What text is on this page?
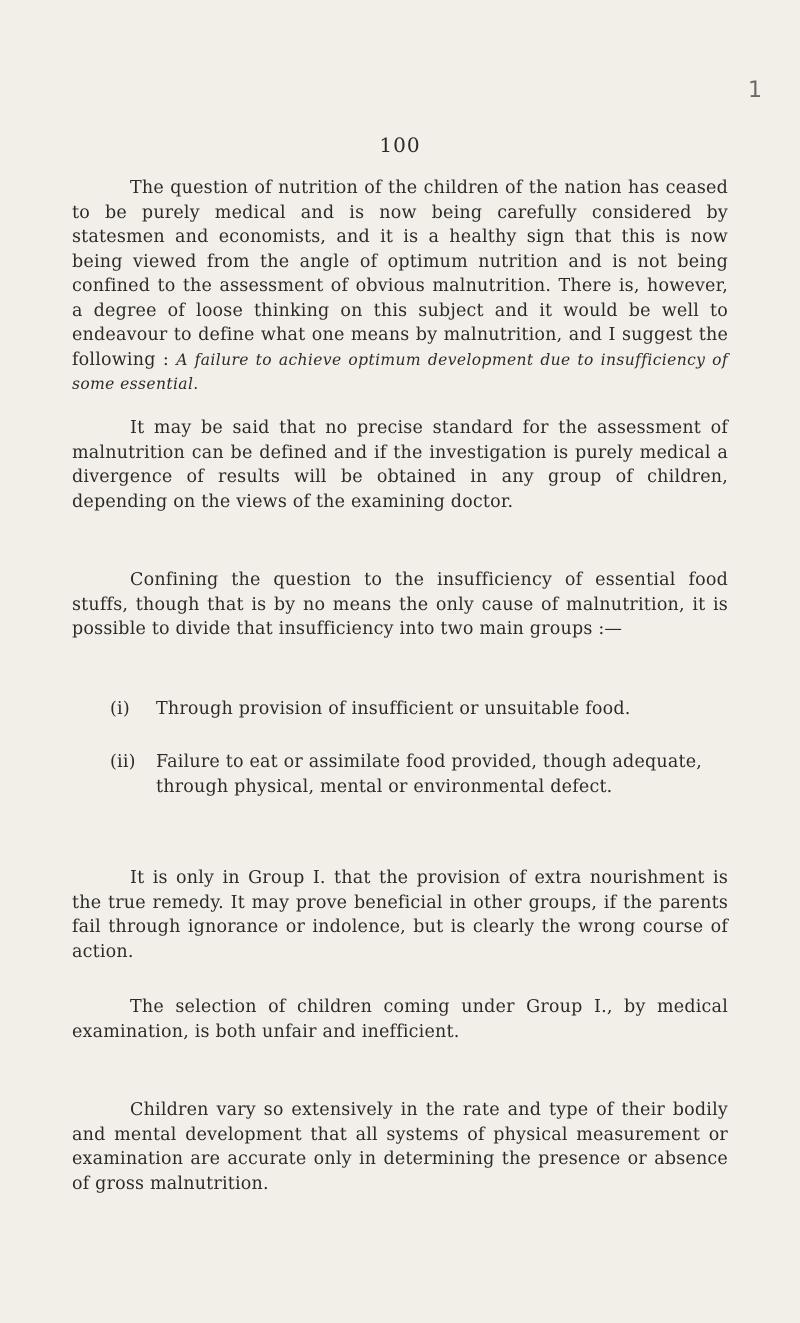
1
100

The question of nutrition of the children of the nation has ceased to be purely medical and is now being carefully considered by statesmen and economists, and it is a healthy sign that this is now being viewed from the angle of optimum nutrition and is not being confined to the assessment of obvious malnutrition. There is, however, a degree of loose thinking on this subject and it would be well to endeavour to define what one means by malnutrition, and I suggest the following : A failure to achieve optimum development due to insufficiency of some essential.

It may be said that no precise standard for the assessment of malnutrition can be defined and if the investigation is purely medical a divergence of results will be obtained in any group of children, depending on the views of the examining doctor.

Confining the question to the insufficiency of essential food stuffs, though that is by no means the only cause of malnutrition, it is possible to divide that insufficiency into two main groups :—

(i)	Through provision of insufficient or unsuitable food.
(ii)	Failure to eat or assimilate food provided, though adequate, through physical, mental or environmental defect.

It is only in Group I. that the provision of extra nourishment is the true remedy. It may prove beneficial in other groups, if the parents fail through ignorance or indolence, but is clearly the wrong course of action.

The selection of children coming under Group I., by medical examination, is both unfair and inefficient.

Children vary so extensively in the rate and type of their bodily and mental development that all systems of physical measurement or examination are accurate only in determining the presence or absence of gross malnutrition.
